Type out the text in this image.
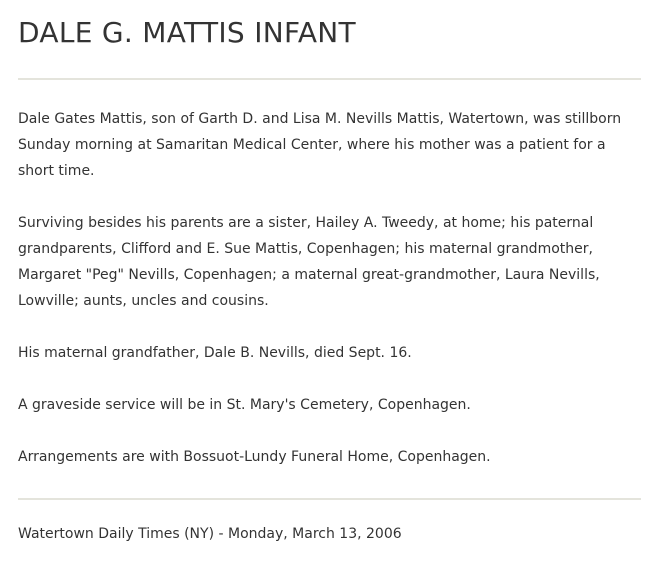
DALE G. MATTIS INFANT

Dale Gates Mattis, son of Garth D. and Lisa M. Nevills Mattis, Watertown, was stillborn Sunday morning at Samaritan Medical Center, where his mother was a patient for a short time.

Surviving besides his parents are a sister, Hailey A. Tweedy, at home; his paternal grandparents, Clifford and E. Sue Mattis, Copenhagen; his maternal grandmother, Margaret "Peg" Nevills, Copenhagen; a maternal great-grandmother, Laura Nevills, Lowville; aunts, uncles and cousins.

His maternal grandfather, Dale B. Nevills, died Sept. 16.

A graveside service will be in St. Mary's Cemetery, Copenhagen.

Arrangements are with Bossuot-Lundy Funeral Home, Copenhagen.

Watertown Daily Times (NY) - Monday, March 13, 2006
